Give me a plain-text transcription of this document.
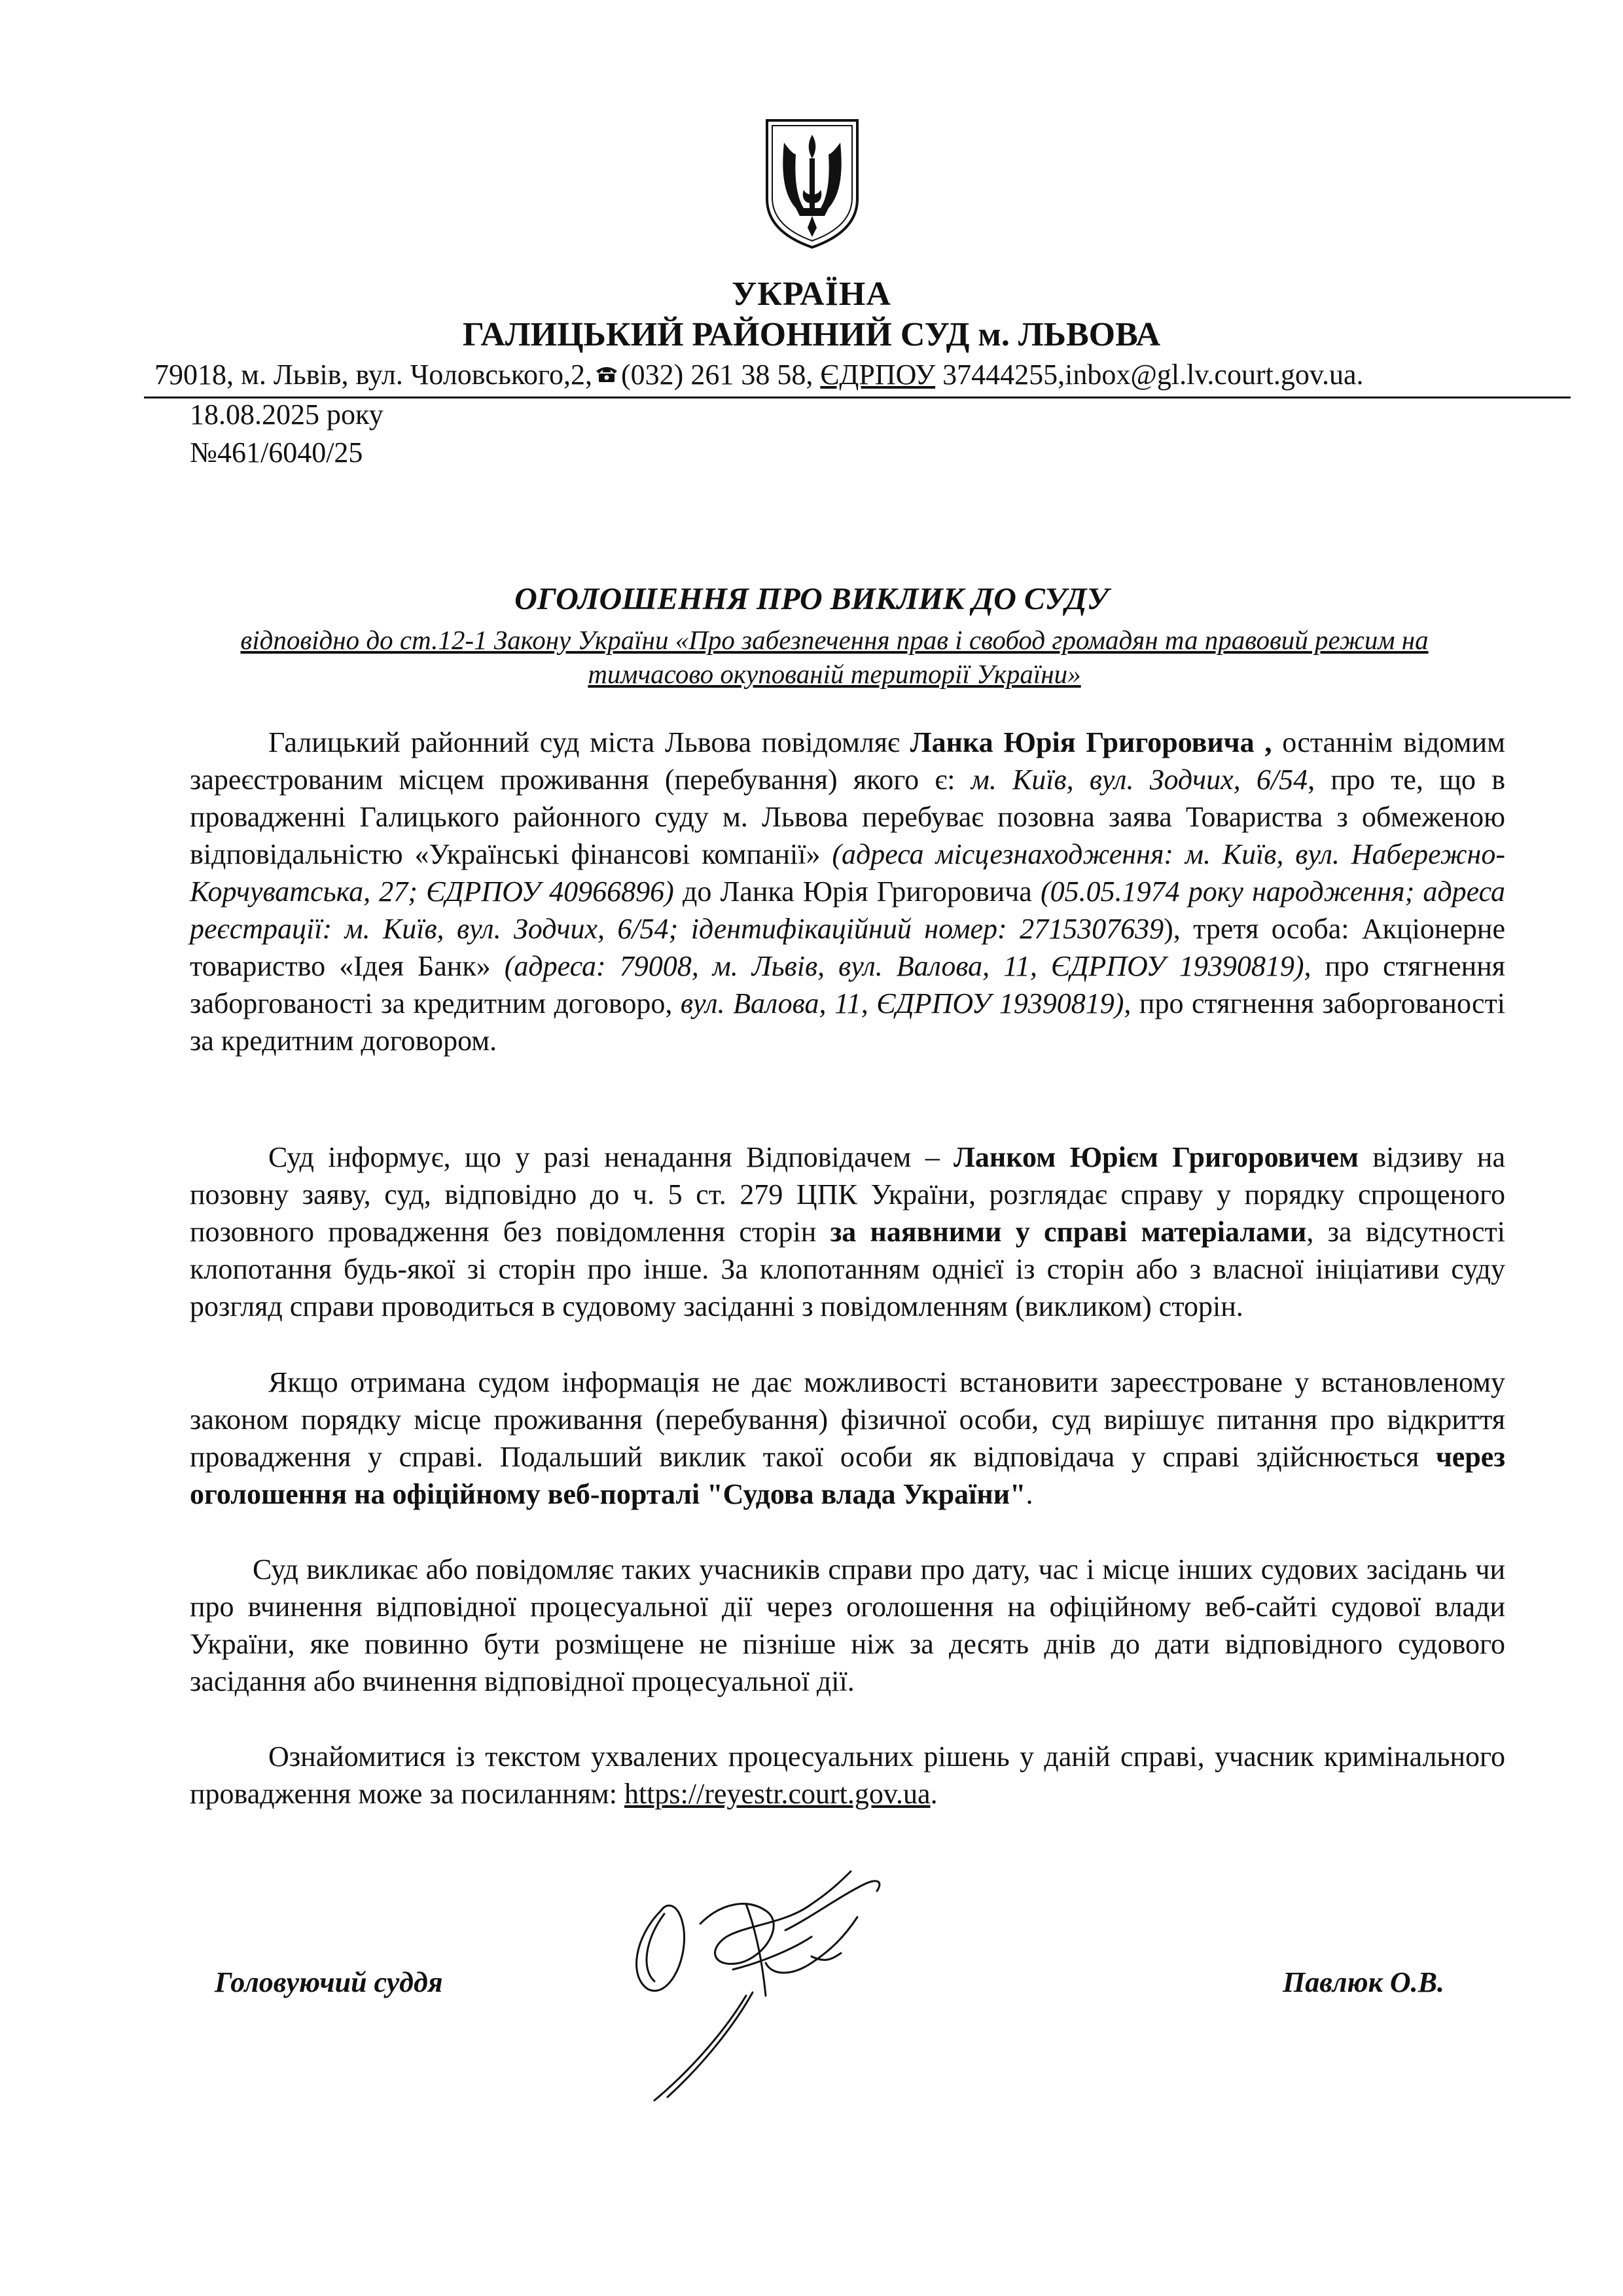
УКРАЇНА
ГАЛИЦЬКИЙ РАЙОННИЙ СУД м. ЛЬВОВА
79018, м. Львів, вул. Чоловського,2, (032) 261 38 58, ЄДРПОУ 37444255,inbox@gl.lv.court.gov.ua.
18.08.2025 року
№461/6040/25
ОГОЛОШЕННЯ ПРО ВИКЛИК ДО СУДУ
відповідно до ст.12-1 Закону України «Про забезпечення прав і свобод громадян та правовий режим на тимчасово окупованій території України»

Галицький районний суд міста Львова повідомляє Ланка Юрія Григоровича , останнім відомим зареєстрованим місцем проживання (перебування) якого є: м. Київ, вул. Зодчих, 6/54, про те, що в провадженні Галицького районного суду м. Львова перебуває позовна заява Товариства з обмеженою відповідальністю «Українські фінансові компанії» (адреса місцезнаходження: м. Київ, вул. Набережно-Корчуватська, 27; ЄДРПОУ 40966896) до Ланка Юрія Григоровича (05.05.1974 року народження; адреса реєстрації: м. Київ, вул. Зодчих, 6/54; ідентифікаційний номер: 2715307639), третя особа: Акціонерне товариство «Ідея Банк» (адреса: 79008, м. Львів, вул. Валова, 11, ЄДРПОУ 19390819), про стягнення заборгованості за кредитним договоро, вул. Валова, 11, ЄДРПОУ 19390819), про стягнення заборгованості за кредитним договором.

Суд інформує, що у разі ненадання Відповідачем – Ланком Юрієм Григоровичем відзиву на позовну заяву, суд, відповідно до ч. 5 ст. 279 ЦПК України, розглядає справу у порядку спрощеного позовного провадження без повідомлення сторін за наявними у справі матеріалами, за відсутності клопотання будь-якої зі сторін про інше. За клопотанням однієї із сторін або з власної ініціативи суду розгляд справи проводиться в судовому засіданні з повідомленням (викликом) сторін.

Якщо отримана судом інформація не дає можливості встановити зареєстроване у встановленому законом порядку місце проживання (перебування) фізичної особи, суд вирішує питання про відкриття провадження у справі. Подальший виклик такої особи як відповідача у справі здійснюється через оголошення на офіційному веб-порталі "Судова влада України".

Суд викликає або повідомляє таких учасників справи про дату, час і місце інших судових засідань чи про вчинення відповідної процесуальної дії через оголошення на офіційному веб-сайті судової влади України, яке повинно бути розміщене не пізніше ніж за десять днів до дати відповідного судового засідання або вчинення відповідної процесуальної дії.

Ознайомитися із текстом ухвалених процесуальних рішень у даній справі, учасник кримінального провадження може за посиланням: https://reyestr.court.gov.ua.

Головуючий суддя	Павлюк О.В.
